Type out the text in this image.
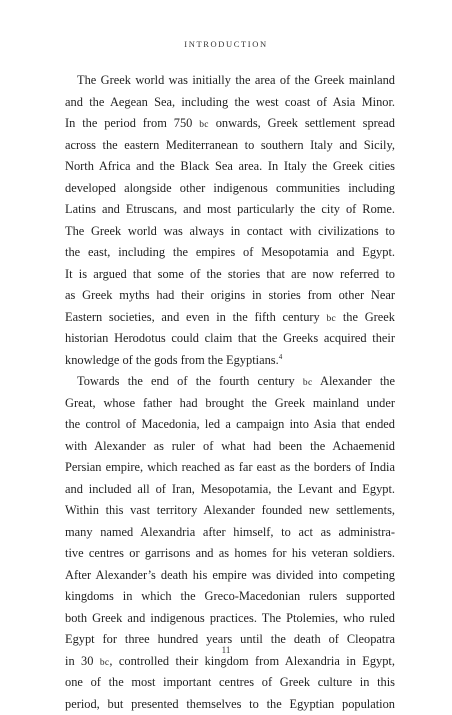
INTRODUCTION
The Greek world was initially the area of the Greek mainland
and the Aegean Sea, including the west coast of Asia Minor.
In the period from 750 bc onwards, Greek settlement spread
across the eastern Mediterranean to southern Italy and Sicily,
North Africa and the Black Sea area. In Italy the Greek cities
developed alongside other indigenous communities including
Latins and Etruscans, and most particularly the city of Rome.
The Greek world was always in contact with civilizations to
the east, including the empires of Mesopotamia and Egypt.
It is argued that some of the stories that are now referred to
as Greek myths had their origins in stories from other Near
Eastern societies, and even in the fifth century bc the Greek
historian Herodotus could claim that the Greeks acquired their
knowledge of the gods from the Egyptians.$^4$
Towards the end of the fourth century bc Alexander the
Great, whose father had brought the Greek mainland under
the control of Macedonia, led a campaign into Asia that ended
with Alexander as ruler of what had been the Achaemenid
Persian empire, which reached as far east as the borders of India
and included all of Iran, Mesopotamia, the Levant and Egypt.
Within this vast territory Alexander founded new settlements,
many named Alexandria after himself, to act as administra-
tive centres or garrisons and as homes for his veteran soldiers.
After Alexander’s death his empire was divided into competing
kingdoms in which the Greco-Macedonian rulers supported
both Greek and indigenous practices. The Ptolemies, who ruled
Egypt for three hundred years until the death of Cleopatra
in 30 bc, controlled their kingdom from Alexandria in Egypt,
one of the most important centres of Greek culture in this
period, but presented themselves to the Egyptian population
11
